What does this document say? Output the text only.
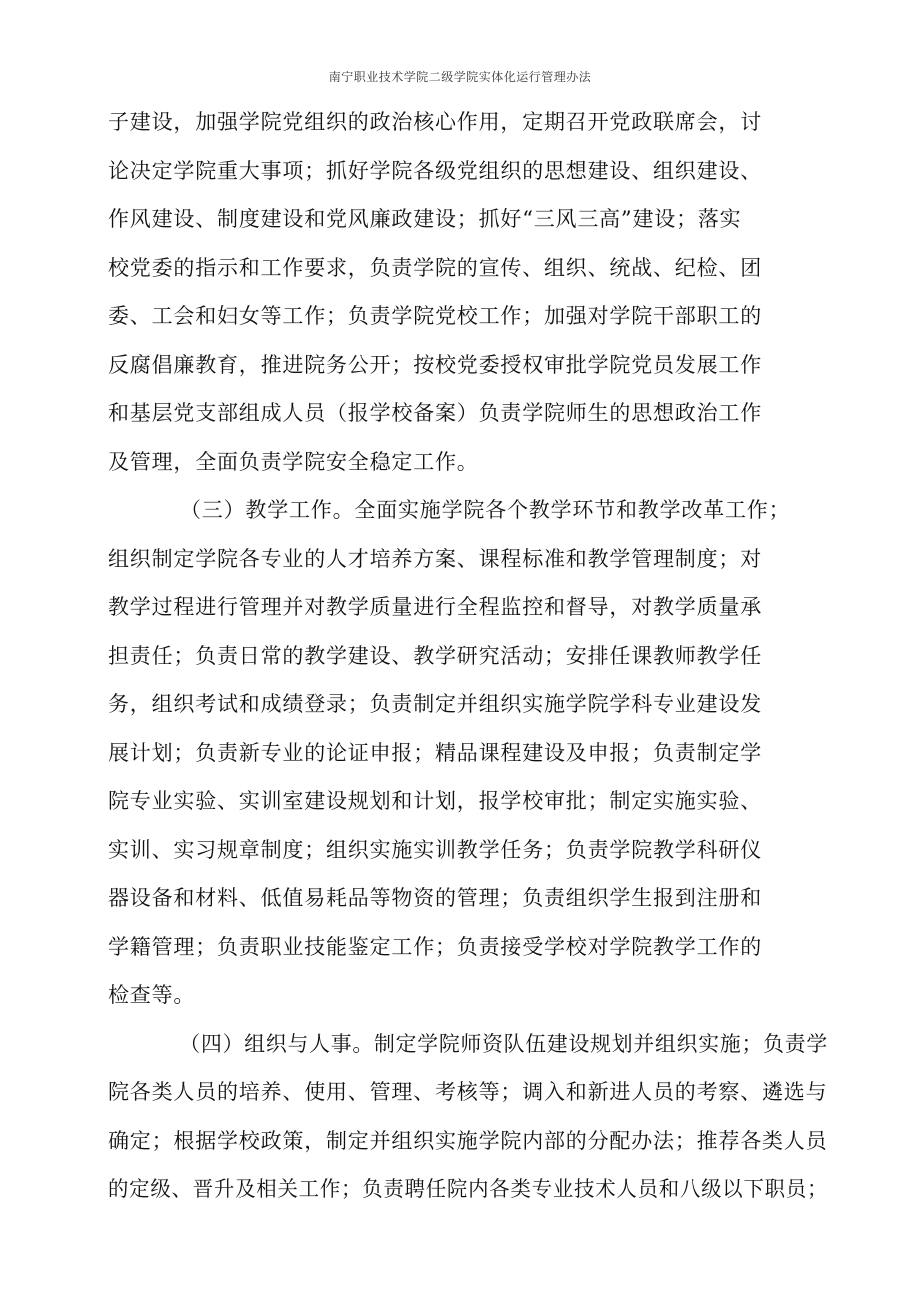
南宁职业技术学院二级学院实体化运行管理办法
子建设，加强学院党组织的政治核心作用，定期召开党政联席会，讨
论决定学院重大事项；抓好学院各级党组织的思想建设、组织建设、
作风建设、制度建设和党风廉政建设；抓好“三风三高”建设；落实
校党委的指示和工作要求，负责学院的宣传、组织、统战、纪检、团
委、工会和妇女等工作；负责学院党校工作；加强对学院干部职工的
反腐倡廉教育，推进院务公开；按校党委授权审批学院党员发展工作
和基层党支部组成人员（报学校备案）负责学院师生的思想政治工作
及管理，全面负责学院安全稳定工作。
（三）教学工作。全面实施学院各个教学环节和教学改革工作；
组织制定学院各专业的人才培养方案、课程标准和教学管理制度；对
教学过程进行管理并对教学质量进行全程监控和督导，对教学质量承
担责任；负责日常的教学建设、教学研究活动；安排任课教师教学任
务，组织考试和成绩登录；负责制定并组织实施学院学科专业建设发
展计划；负责新专业的论证申报；精品课程建设及申报；负责制定学
院专业实验、实训室建设规划和计划，报学校审批；制定实施实验、
实训、实习规章制度；组织实施实训教学任务；负责学院教学科研仪
器设备和材料、低值易耗品等物资的管理；负责组织学生报到注册和
学籍管理；负责职业技能鉴定工作；负责接受学校对学院教学工作的
检查等。
（四）组织与人事。制定学院师资队伍建设规划并组织实施；负责学
院各类人员的培养、使用、管理、考核等；调入和新进人员的考察、遴选与
确定；根据学校政策，制定并组织实施学院内部的分配办法；推荐各类人员
的定级、晋升及相关工作；负责聘任院内各类专业技术人员和八级以下职员；
